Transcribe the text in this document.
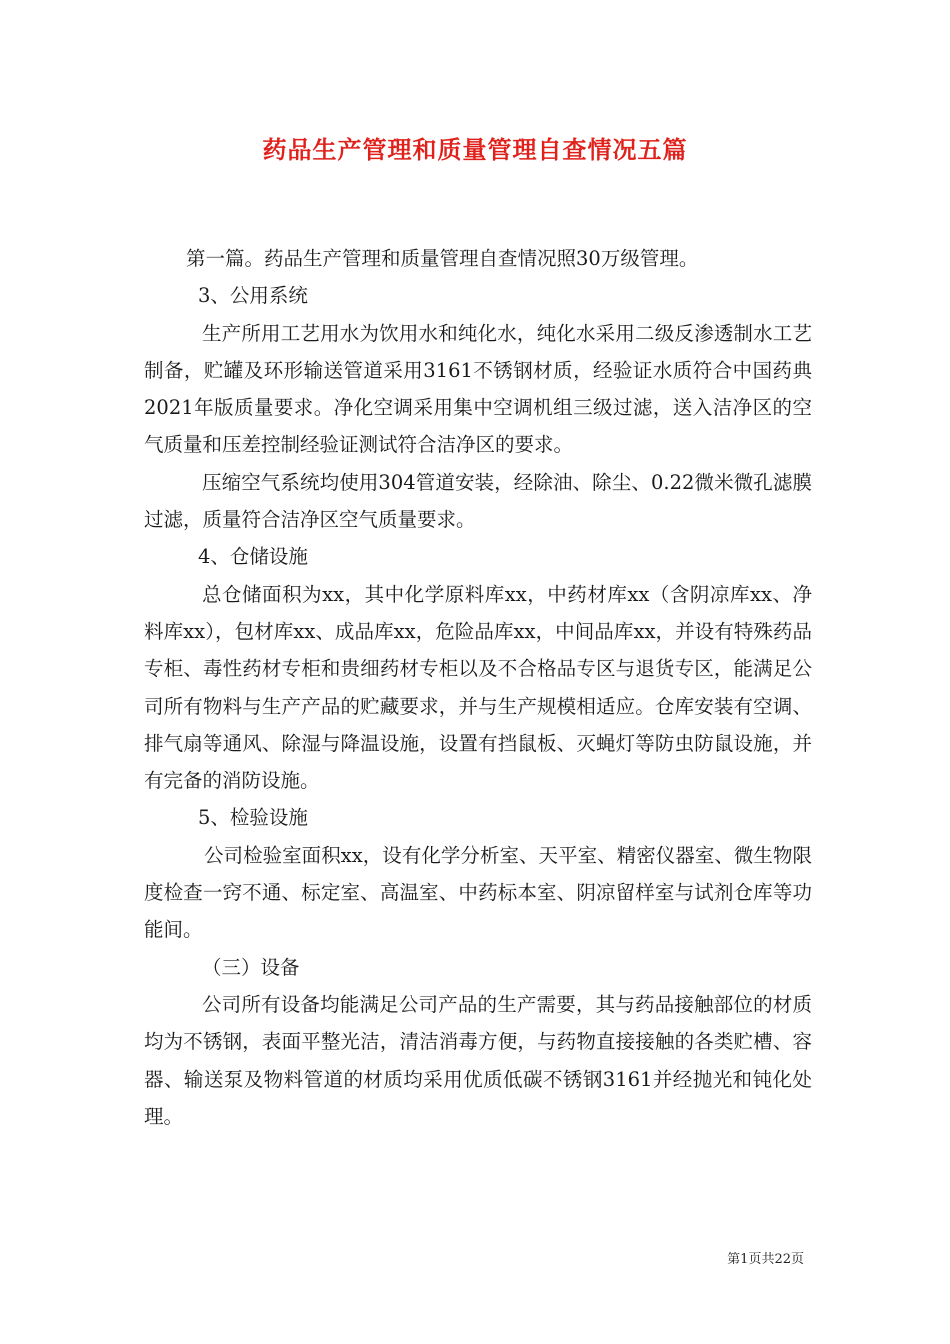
药品生产管理和质量管理自查情况五篇

第一篇。药品生产管理和质量管理自查情况照30万级管理。

3、公用系统

生产所用工艺用水为饮用水和纯化水，纯化水采用二级反渗透制水工艺制备，贮罐及环形输送管道采用3161不锈钢材质，经验证水质符合中国药典2021年版质量要求。净化空调采用集中空调机组三级过滤，送入洁净区的空气质量和压差控制经验证测试符合洁净区的要求。

压缩空气系统均使用304管道安装，经除油、除尘、0.22微米微孔滤膜过滤，质量符合洁净区空气质量要求。

4、仓储设施

总仓储面积为xx，其中化学原料库xx，中药材库xx（含阴凉库xx、净料库xx），包材库xx、成品库xx，危险品库xx，中间品库xx，并设有特殊药品专柜、毒性药材专柜和贵细药材专柜以及不合格品专区与退货专区，能满足公司所有物料与生产产品的贮藏要求，并与生产规模相适应。仓库安装有空调、排气扇等通风、除湿与降温设施，设置有挡鼠板、灭蝇灯等防虫防鼠设施，并有完备的消防设施。

5、检验设施

公司检验室面积xx，设有化学分析室、天平室、精密仪器室、微生物限度检查一窍不通、标定室、高温室、中药标本室、阴凉留样室与试剂仓库等功能间。

（三）设备

公司所有设备均能满足公司产品的生产需要，其与药品接触部位的材质均为不锈钢，表面平整光洁，清洁消毒方便，与药物直接接触的各类贮槽、容器、输送泵及物料管道的材质均采用优质低碳不锈钢3161并经抛光和钝化处理。

第1页共22页
